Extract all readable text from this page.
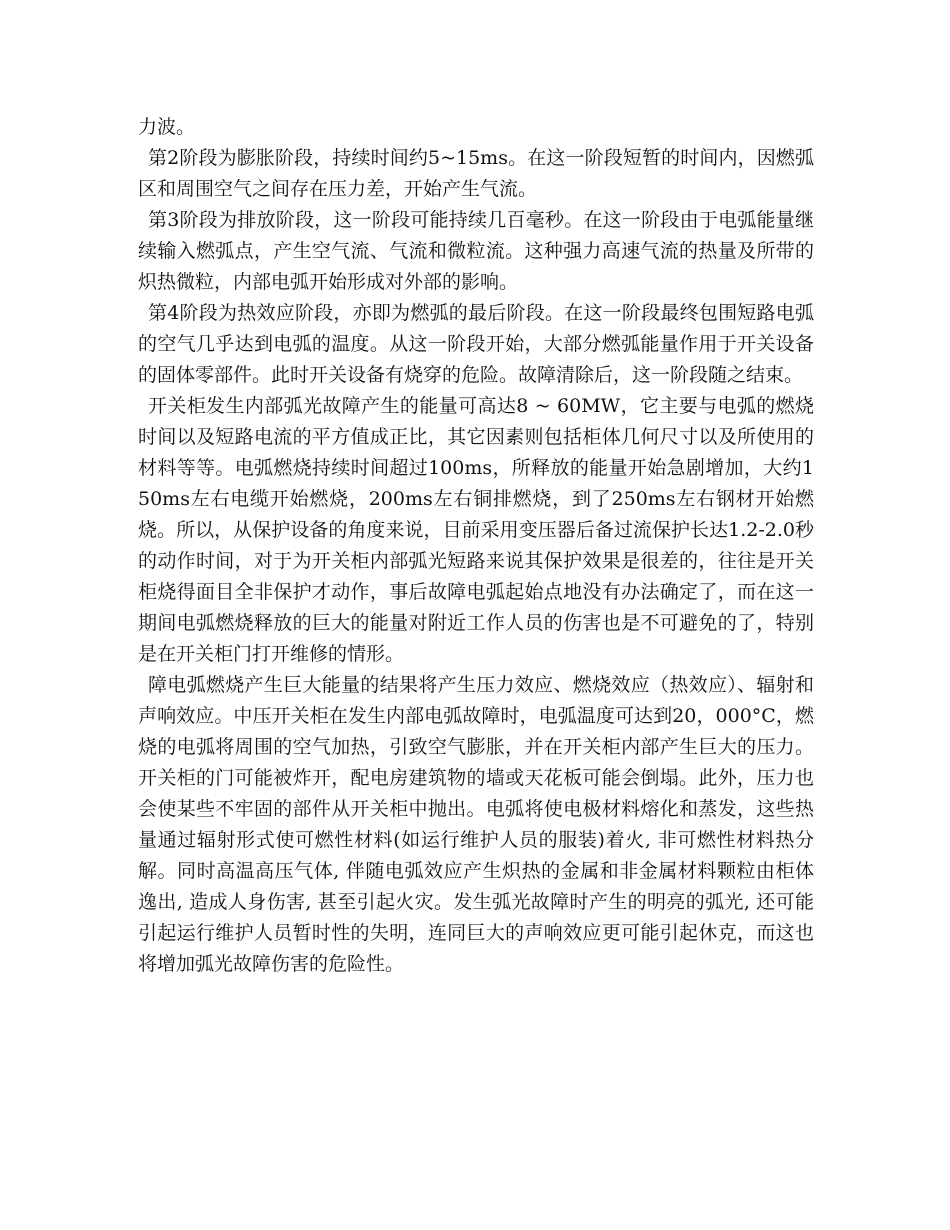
力波。

第2阶段为膨胀阶段，持续时间约5~15ms。在这一阶段短暂的时间内，因燃弧区和周围空气之间存在压力差，开始产生气流。

第3阶段为排放阶段，这一阶段可能持续几百毫秒。在这一阶段由于电弧能量继续输入燃弧点，产生空气流、气流和微粒流。这种强力高速气流的热量及所带的炽热微粒，内部电弧开始形成对外部的影响。

第4阶段为热效应阶段，亦即为燃弧的最后阶段。在这一阶段最终包围短路电弧的空气几乎达到电弧的温度。从这一阶段开始，大部分燃弧能量作用于开关设备的固体零部件。此时开关设备有烧穿的危险。故障清除后，这一阶段随之结束。

开关柜发生内部弧光故障产生的能量可高达8 ~ 60MW，它主要与电弧的燃烧时间以及短路电流的平方值成正比，其它因素则包括柜体几何尺寸以及所使用的材料等等。电弧燃烧持续时间超过100ms，所释放的能量开始急剧增加，大约150ms左右电缆开始燃烧，200ms左右铜排燃烧，到了250ms左右钢材开始燃烧。所以，从保护设备的角度来说，目前采用变压器后备过流保护长达1.2-2.0秒的动作时间，对于为开关柜内部弧光短路来说其保护效果是很差的，往往是开关柜烧得面目全非保护才动作，事后故障电弧起始点地没有办法确定了，而在这一期间电弧燃烧释放的巨大的能量对附近工作人员的伤害也是不可避免的了，特别是在开关柜门打开维修的情形。

障电弧燃烧产生巨大能量的结果将产生压力效应、燃烧效应（热效应）、辐射和声响效应。中压开关柜在发生内部电弧故障时，电弧温度可达到20，000°C，燃烧的电弧将周围的空气加热，引致空气膨胀，并在开关柜内部产生巨大的压力。开关柜的门可能被炸开，配电房建筑物的墙或天花板可能会倒塌。此外，压力也会使某些不牢固的部件从开关柜中抛出。电弧将使电极材料熔化和蒸发，这些热量通过辐射形式使可燃性材料(如运行维护人员的服装)着火, 非可燃性材料热分解。同时高温高压气体, 伴随电弧效应产生炽热的金属和非金属材料颗粒由柜体逸出, 造成人身伤害, 甚至引起火灾。发生弧光故障时产生的明亮的弧光, 还可能引起运行维护人员暂时性的失明，连同巨大的声响效应更可能引起休克，而这也将增加弧光故障伤害的危险性。
